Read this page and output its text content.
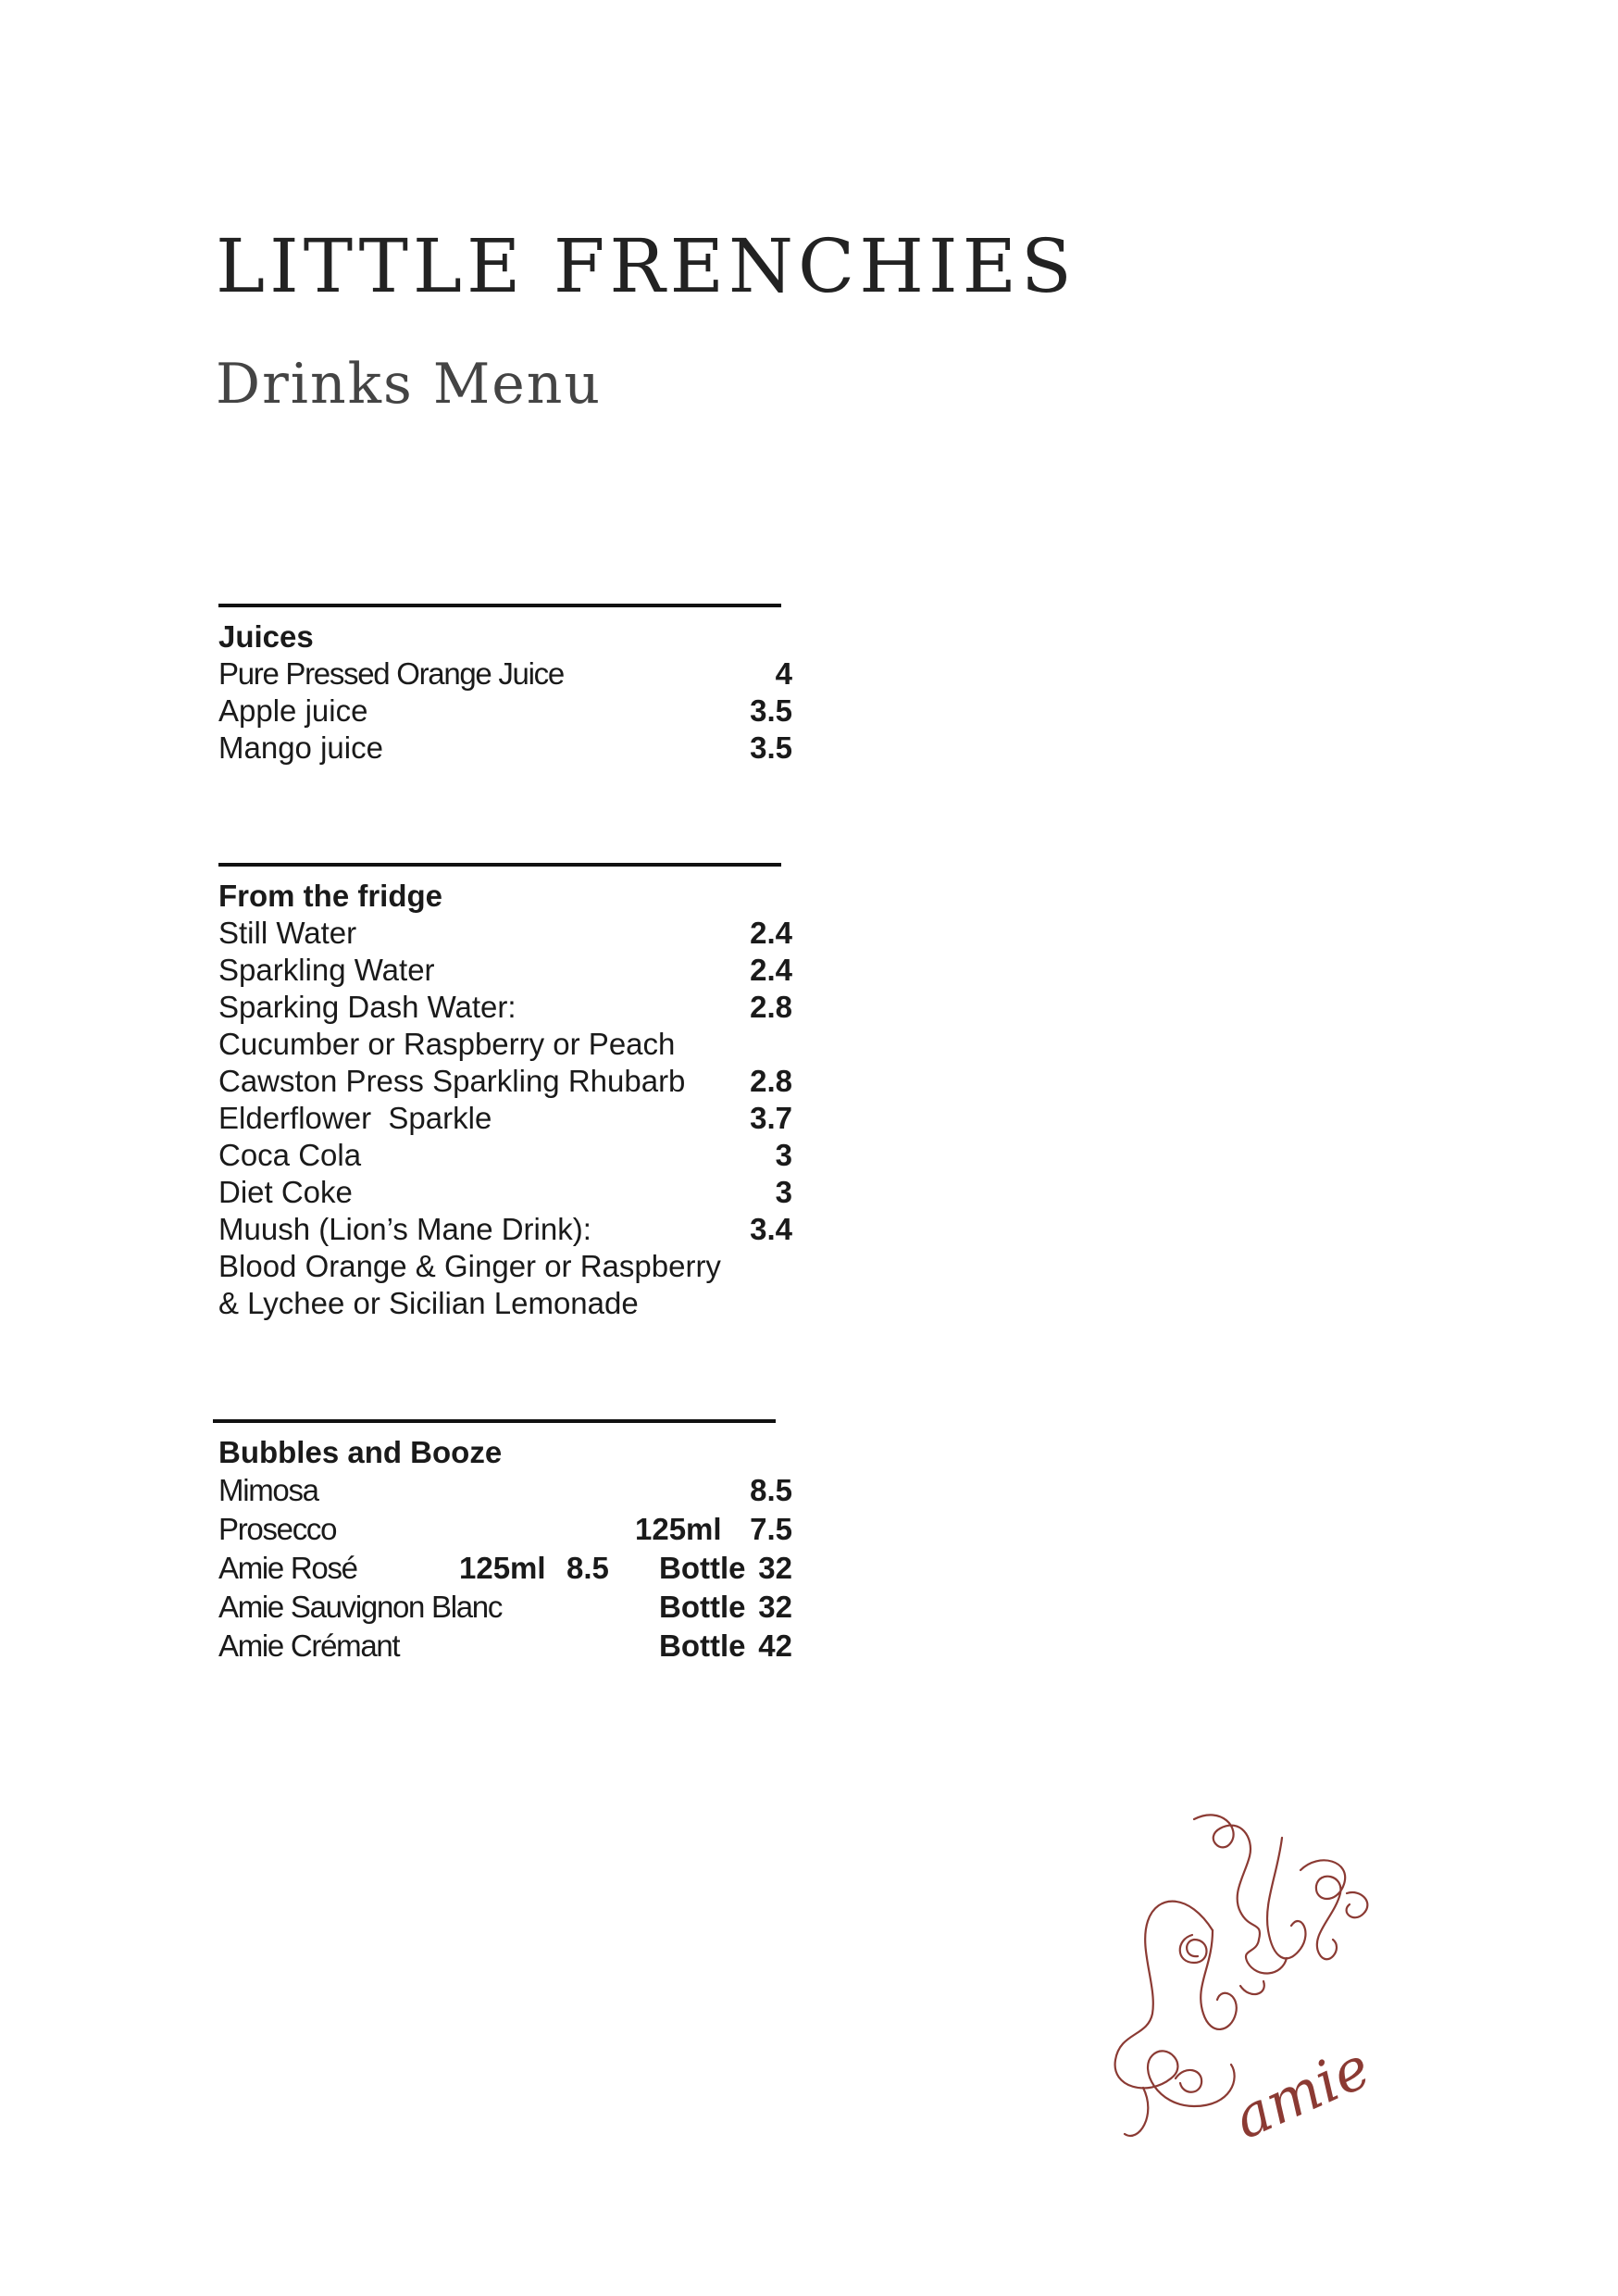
LITTLE FRENCHIES
Drinks Menu
Juices
Pure Pressed Orange Juice	4
Apple juice	3.5
Mango juice	3.5
From the fridge
Still Water	2.4
Sparkling Water	2.4
Sparking Dash Water:	2.8
Cucumber or Raspberry or Peach
Cawston Press Sparkling Rhubarb 2.8
Elderflower  Sparkle	3.7
Coca Cola	3
Diet Coke	3
Muush (Lion’s Mane Drink):	3.4
Blood Orange & Ginger or Raspberry
& Lychee or Sicilian Lemonade
Bubbles and Booze
Mimosa	8.5
Prosecco	125ml 7.5
Amie Rosé	125ml 8.5 Bottle 32
Amie Sauvignon Blanc	Bottle 32
Amie Crémant	Bottle 42
amie
